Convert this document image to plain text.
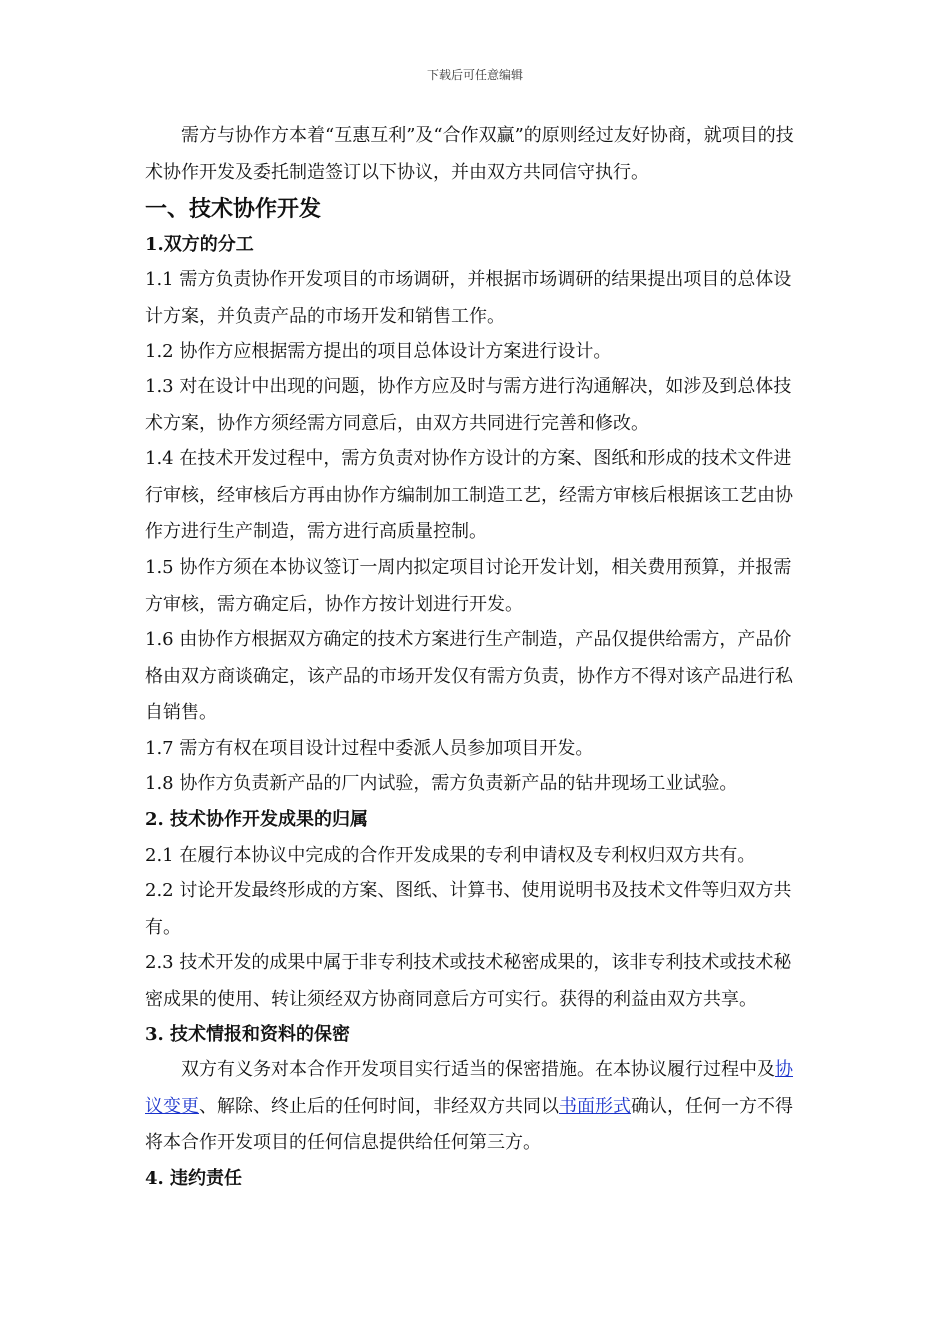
下载后可任意编辑
需方与协作方本着“互惠互利”及“合作双赢”的原则经过友好协商，就项目的技术协作开发及委托制造签订以下协议，并由双方共同信守执行。
一、技术协作开发
1.双方的分工
1.1 需方负责协作开发项目的市场调研，并根据市场调研的结果提出项目的总体设计方案，并负责产品的市场开发和销售工作。
1.2 协作方应根据需方提出的项目总体设计方案进行设计。
1.3 对在设计中出现的问题，协作方应及时与需方进行沟通解决，如涉及到总体技术方案，协作方须经需方同意后，由双方共同进行完善和修改。
1.4 在技术开发过程中，需方负责对协作方设计的方案、图纸和形成的技术文件进行审核，经审核后方再由协作方编制加工制造工艺，经需方审核后根据该工艺由协作方进行生产制造，需方进行高质量控制。
1.5 协作方须在本协议签订一周内拟定项目讨论开发计划，相关费用预算，并报需方审核，需方确定后，协作方按计划进行开发。
1.6 由协作方根据双方确定的技术方案进行生产制造，产品仅提供给需方，产品价格由双方商谈确定，该产品的市场开发仅有需方负责，协作方不得对该产品进行私自销售。
1.7 需方有权在项目设计过程中委派人员参加项目开发。
1.8 协作方负责新产品的厂内试验，需方负责新产品的钻井现场工业试验。
2. 技术协作开发成果的归属
2.1 在履行本协议中完成的合作开发成果的专利申请权及专利权归双方共有。
2.2 讨论开发最终形成的方案、图纸、计算书、使用说明书及技术文件等归双方共有。
2.3 技术开发的成果中属于非专利技术或技术秘密成果的，该非专利技术或技术秘密成果的使用、转让须经双方协商同意后方可实行。获得的利益由双方共享。
3. 技术情报和资料的保密
双方有义务对本合作开发项目实行适当的保密措施。在本协议履行过程中及协议变更、解除、终止后的任何时间，非经双方共同以书面形式确认，任何一方不得将本合作开发项目的任何信息提供给任何第三方。
4. 违约责任
